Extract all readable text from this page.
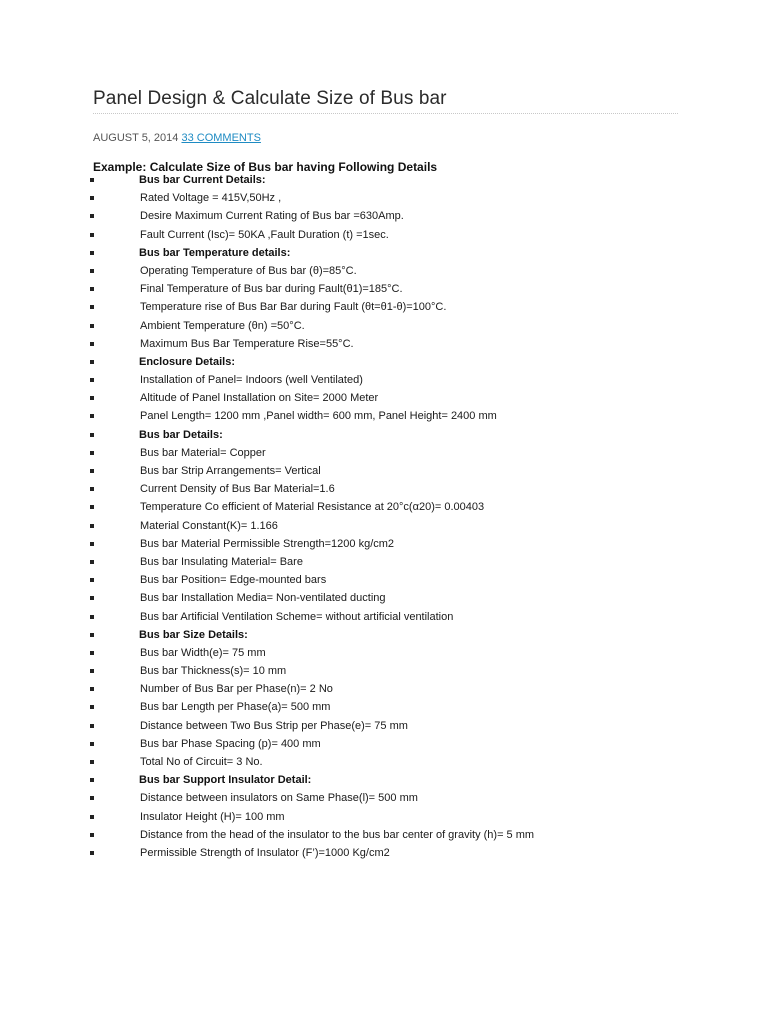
Panel Design & Calculate Size of Bus bar
AUGUST 5, 2014 33 COMMENTS
Example: Calculate Size of Bus bar having Following Details
Bus bar Current Details:
Rated Voltage = 415V,50Hz ,
Desire Maximum Current Rating of Bus bar =630Amp.
Fault Current (Isc)= 50KA ,Fault Duration (t) =1sec.
Bus bar Temperature details:
Operating Temperature of Bus bar (θ)=85°C.
Final Temperature of Bus bar during Fault(θ1)=185°C.
Temperature rise of Bus Bar Bar during Fault (θt=θ1-θ)=100°C.
Ambient Temperature (θn) =50°C.
Maximum Bus Bar Temperature Rise=55°C.
Enclosure Details:
Installation of Panel= Indoors (well Ventilated)
Altitude of Panel Installation on Site= 2000 Meter
Panel Length= 1200 mm ,Panel width= 600 mm, Panel Height= 2400 mm
Bus bar Details:
Bus bar Material= Copper
Bus bar Strip Arrangements= Vertical
Current Density of Bus Bar Material=1.6
Temperature Co efficient of Material Resistance at 20°c(α20)= 0.00403
Material Constant(K)= 1.166
Bus bar Material Permissible Strength=1200 kg/cm2
Bus bar Insulating Material= Bare
Bus bar Position= Edge-mounted bars
Bus bar Installation Media= Non-ventilated ducting
Bus bar Artificial Ventilation Scheme= without artificial ventilation
Bus bar Size Details:
Bus bar Width(e)= 75 mm
Bus bar Thickness(s)= 10 mm
Number of Bus Bar per Phase(n)= 2 No
Bus bar Length per Phase(a)= 500 mm
Distance between Two Bus Strip per Phase(e)= 75 mm
Bus bar Phase Spacing (p)= 400 mm
Total No of Circuit= 3 No.
Bus bar Support Insulator Detail:
Distance between insulators on Same Phase(l)= 500 mm
Insulator Height (H)= 100 mm
Distance from the head of the insulator to the bus bar center of gravity (h)= 5 mm
Permissible Strength of Insulator (F’)=1000 Kg/cm2
